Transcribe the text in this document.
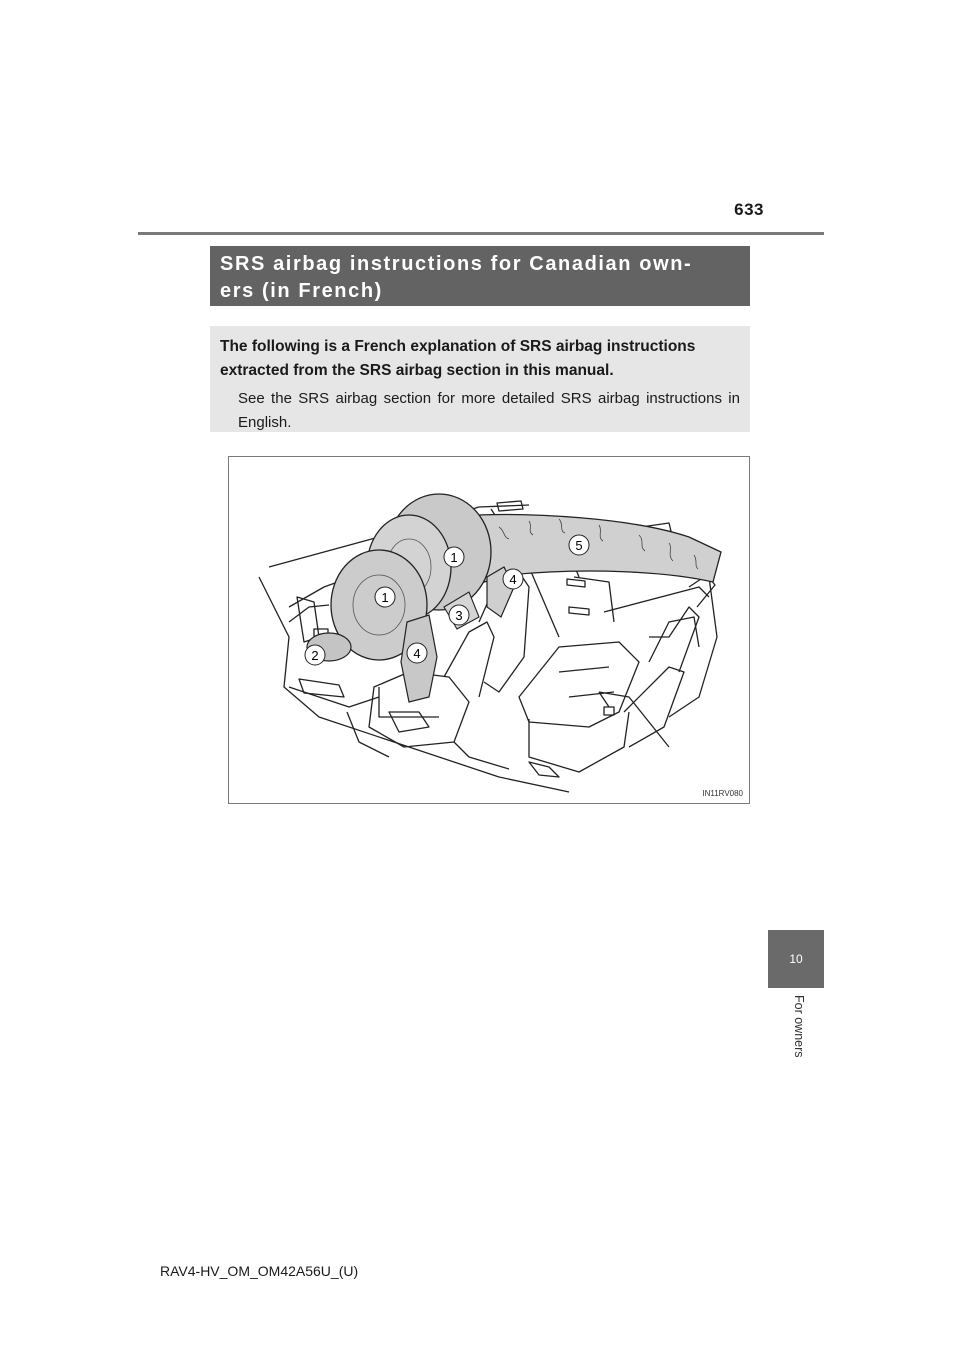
633
SRS airbag instructions for Canadian own-
ers (in French)
The following is a French explanation of SRS airbag instructions extracted from the SRS airbag section in this manual.
See the SRS airbag section for more detailed SRS airbag instructions in English.
1
1
2
3
4
4
5
IN11RV080
10
For owners
RAV4-HV_OM_OM42A56U_(U)
